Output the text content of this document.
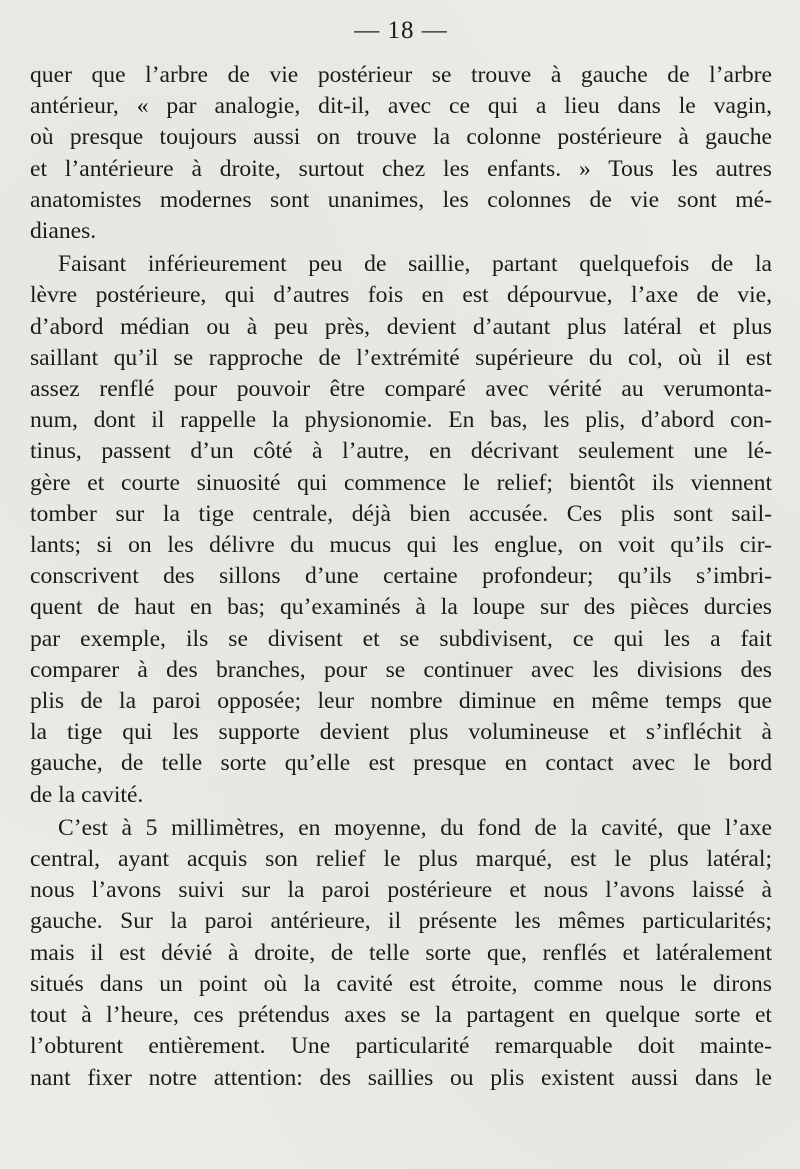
— 18 —
quer que l’arbre de vie postérieur se trouve à gauche de l’arbre
antérieur, « par analogie, dit-il, avec ce qui a lieu dans le vagin,
où presque toujours aussi on trouve la colonne postérieure à gauche
et l’antérieure à droite, surtout chez les enfants. » Tous les autres
anatomistes modernes sont unanimes, les colonnes de vie sont mé-
dianes.
Faisant inférieurement peu de saillie, partant quelquefois de la
lèvre postérieure, qui d’autres fois en est dépourvue, l’axe de vie,
d’abord médian ou à peu près, devient d’autant plus latéral et plus
saillant qu’il se rapproche de l’extrémité supérieure du col, où il est
assez renflé pour pouvoir être comparé avec vérité au verumonta-
num, dont il rappelle la physionomie. En bas, les plis, d’abord con-
tinus, passent d’un côté à l’autre, en décrivant seulement une lé-
gère et courte sinuosité qui commence le relief; bientôt ils viennent
tomber sur la tige centrale, déjà bien accusée. Ces plis sont sail-
lants; si on les délivre du mucus qui les englue, on voit qu’ils cir-
conscrivent des sillons d’une certaine profondeur; qu’ils s’imbri-
quent de haut en bas; qu’examinés à la loupe sur des pièces durcies
par exemple, ils se divisent et se subdivisent, ce qui les a fait
comparer à des branches, pour se continuer avec les divisions des
plis de la paroi opposée; leur nombre diminue en même temps que
la tige qui les supporte devient plus volumineuse et s’infléchit à
gauche, de telle sorte qu’elle est presque en contact avec le bord
de la cavité.
C’est à 5 millimètres, en moyenne, du fond de la cavité, que l’axe
central, ayant acquis son relief le plus marqué, est le plus latéral;
nous l’avons suivi sur la paroi postérieure et nous l’avons laissé à
gauche. Sur la paroi antérieure, il présente les mêmes particularités;
mais il est dévié à droite, de telle sorte que, renflés et latéralement
situés dans un point où la cavité est étroite, comme nous le dirons
tout à l’heure, ces prétendus axes se la partagent en quelque sorte et
l’obturent entièrement. Une particularité remarquable doit mainte-
nant fixer notre attention: des saillies ou plis existent aussi dans le
